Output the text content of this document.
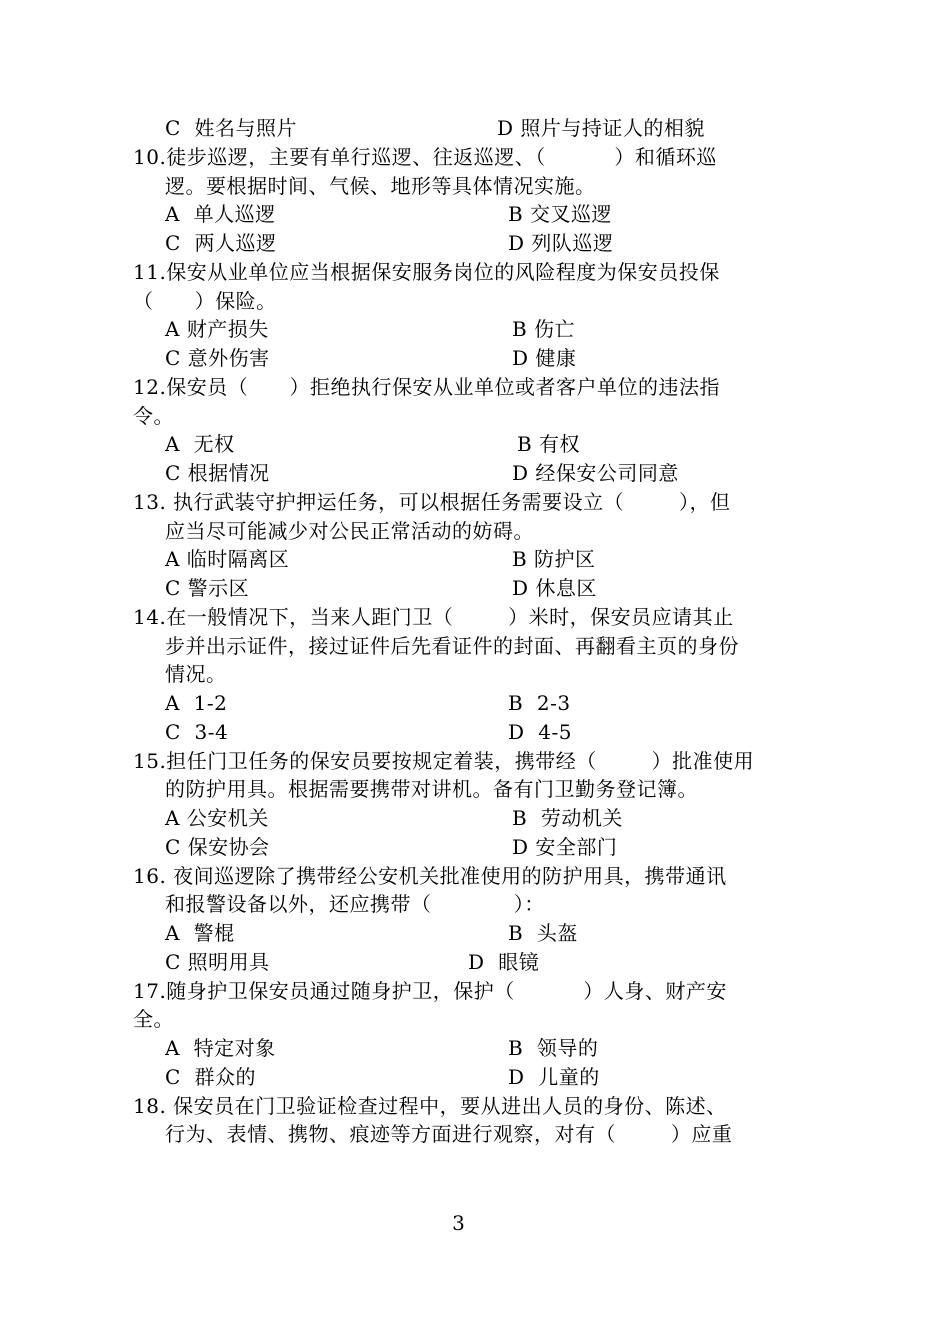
C  姓名与照片	D 照片与持证人的相貌
10.徒步巡逻，主要有单行巡逻、往返巡逻、（          ）和循环巡
逻。要根据时间、气候、地形等具体情况实施。
A  单人巡逻	B 交叉巡逻
C  两人巡逻	D 列队巡逻
11.保安从业单位应当根据保安服务岗位的风险程度为保安员投保
（      ）保险。
A 财产损失	B 伤亡
C 意外伤害	D 健康
12.保安员（      ）拒绝执行保安从业单位或者客户单位的违法指
令。
A  无权	B 有权
C 根据情况	D 经保安公司同意
13. 执行武装守护押运任务，可以根据任务需要设立（        ），但
应当尽可能减少对公民正常活动的妨碍。
A 临时隔离区	B 防护区
C 警示区	D 休息区
14.在一般情况下，当来人距门卫（        ）米时，保安员应请其止
步并出示证件，接过证件后先看证件的封面、再翻看主页的身份
情况。
A  1-2	B  2-3
C  3-4	D  4-5
15.担任门卫任务的保安员要按规定着装，携带经（        ）批准使用
的防护用具。根据需要携带对讲机。备有门卫勤务登记簿。
A 公安机关	B  劳动机关
C 保安协会	D 安全部门
16. 夜间巡逻除了携带经公安机关批准使用的防护用具，携带通讯
和报警设备以外，还应携带（            ）：
A  警棍	B  头盔
C 照明用具	D  眼镜
17.随身护卫保安员通过随身护卫，保护（          ）人身、财产安
全。
A  特定对象	B  领导的
C  群众的	D  儿童的
18. 保安员在门卫验证检查过程中，要从进出人员的身份、陈述、
行为、表情、携物、痕迹等方面进行观察，对有（        ）应重
3
